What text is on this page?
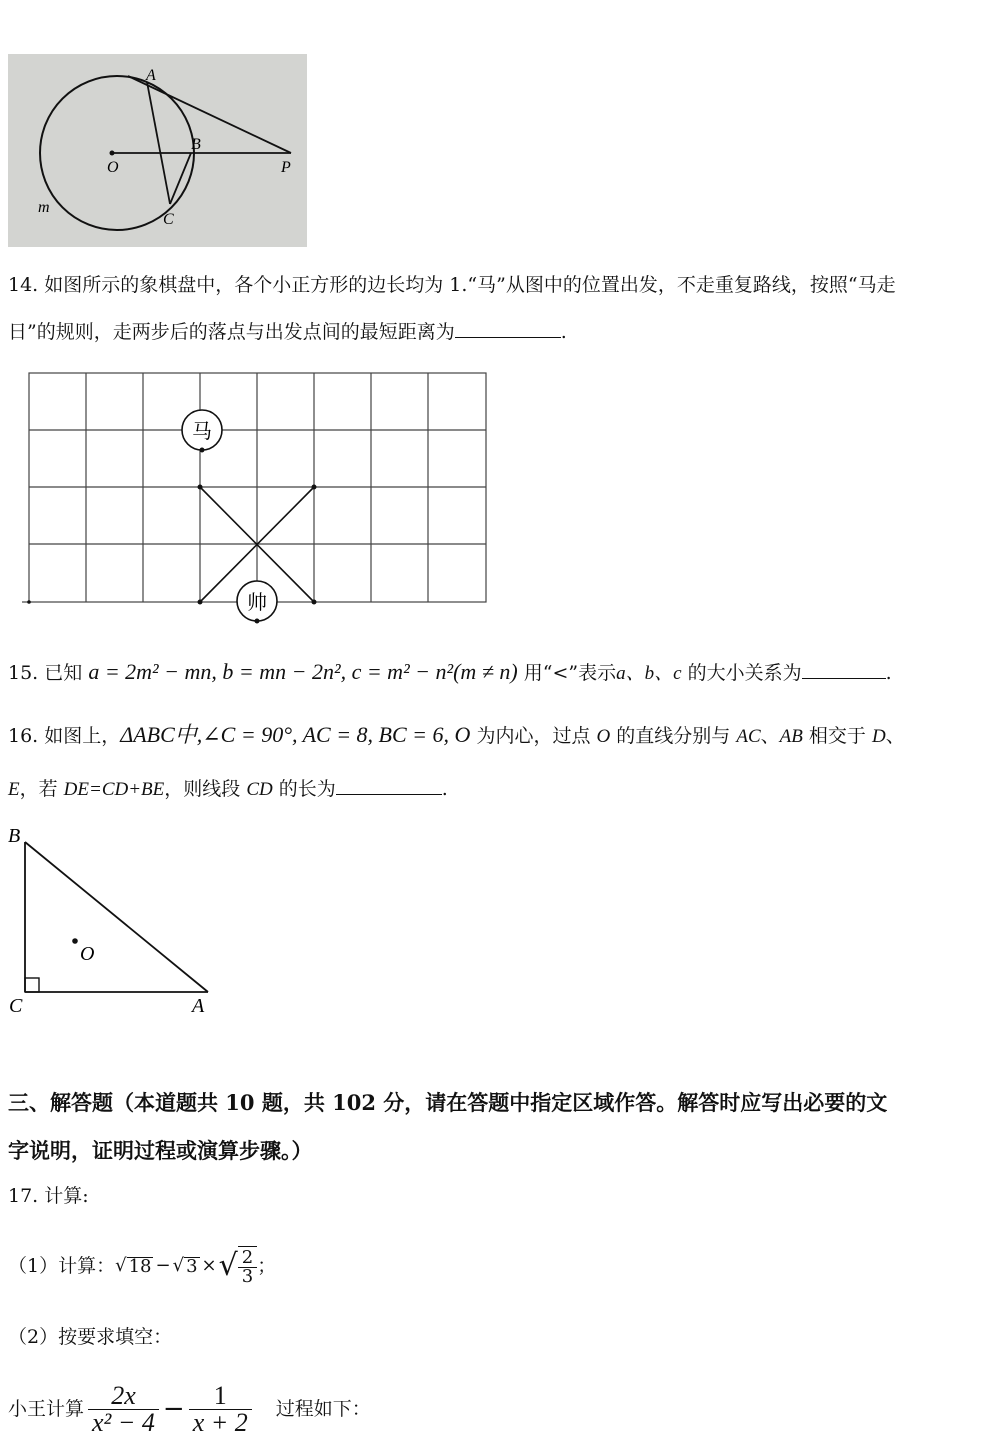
A
B
O	P
C
m
14. 如图所示的象棋盘中，各个小正方形的边长均为 1.“马”从图中的位置出发，不走重复路线，按照“马走
日”的规则，走两步后的落点与出发点间的最短距离为	.
马
帅
15. 已知 a = 2m² − mn, b = mn − 2n², c = m² − n²(m ≠ n) 用“<”表示a、b、c 的大小关系为	.
16. 如图上，ΔABC中,∠C = 90°, AC = 8, BC = 6, O 为内心，过点 O 的直线分别与 AC、AB 相交于 D、
E，若 DE=CD+BE，则线段 CD 的长为	.
B
O
C	A
三、解答题（本道题共 10 题，共 102 分，请在答题中指定区域作答。解答时应写出必要的文
字说明，证明过程或演算步骤。）
17. 计算:
（1）计算： √ 18 − √ 3 × √ $\frac{2}{3}$ ；
（2）按要求填空：
小王计算 $\frac{2x}{\text{x² − 4}} - \frac{1}{x + 2}$ 过程如下：
